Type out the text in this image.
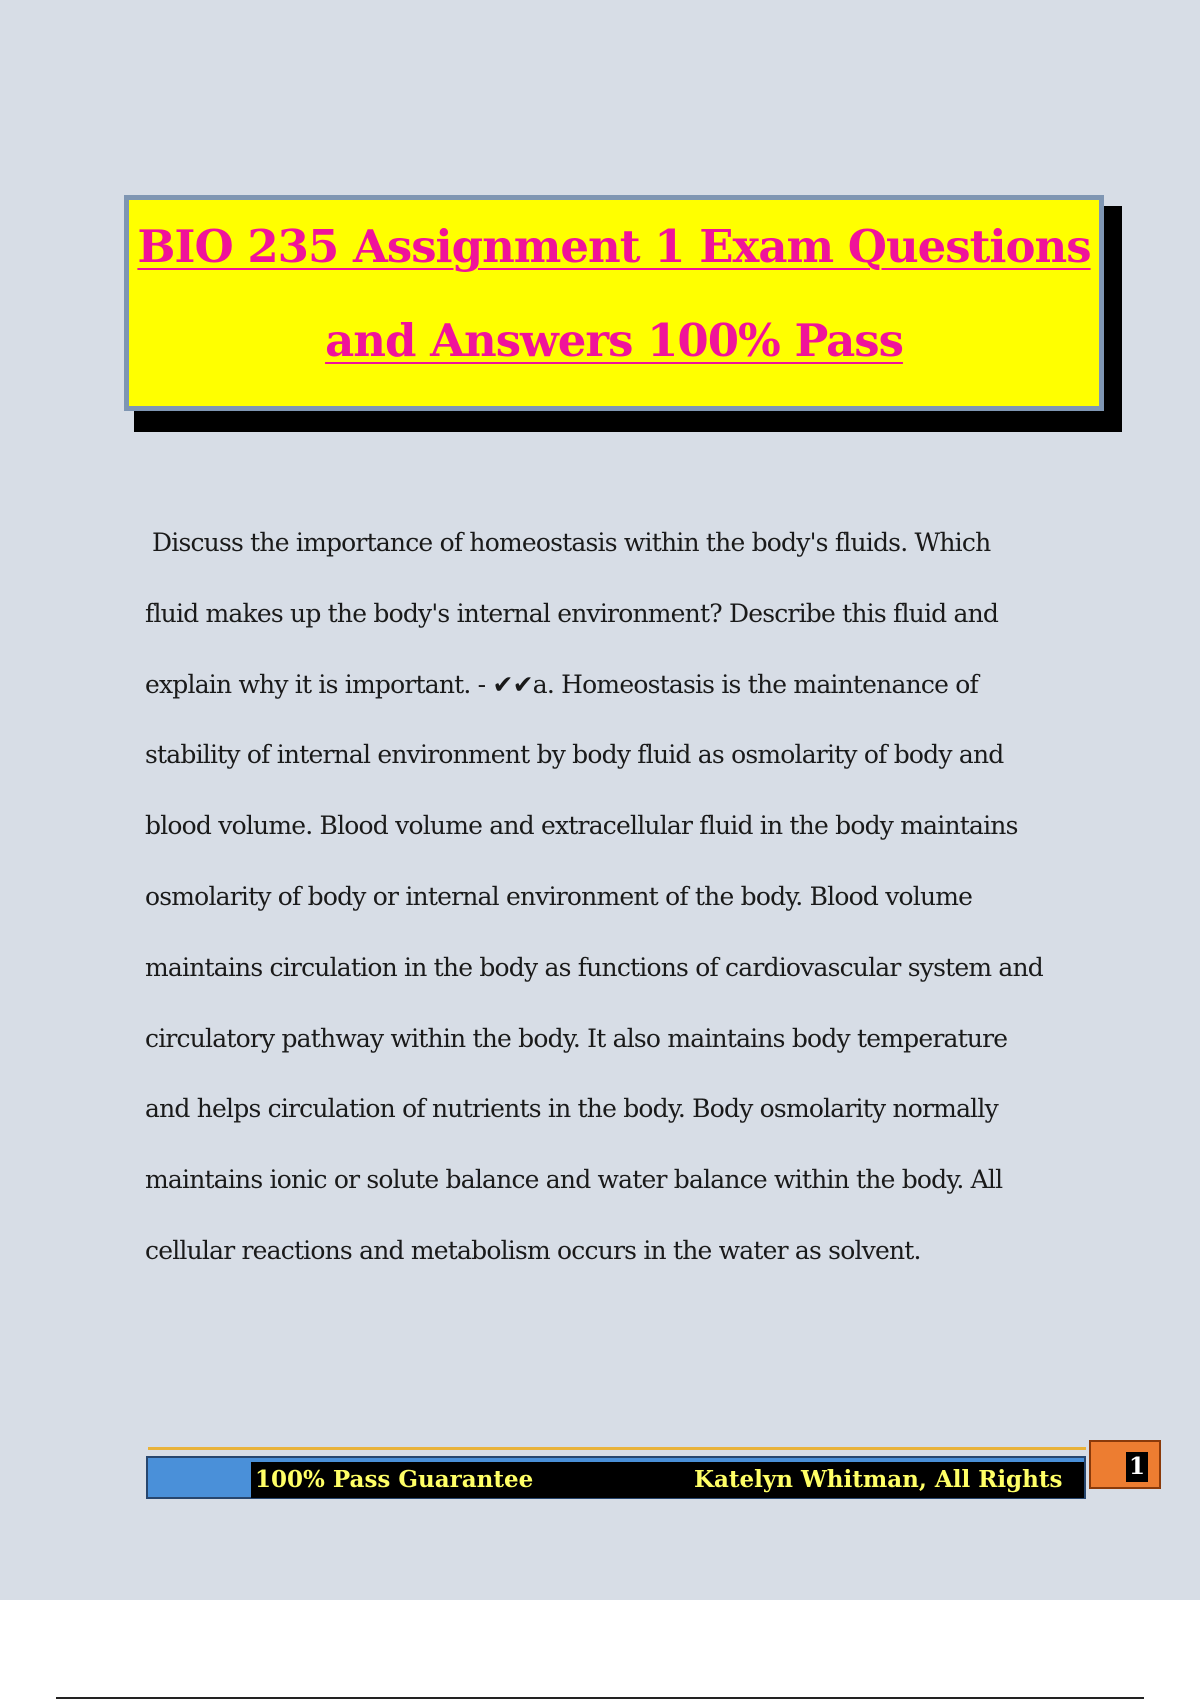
BIO 235 Assignment 1 Exam Questions
and Answers 100% Pass

Discuss the importance of homeostasis within the body's fluids. Which
fluid makes up the body's internal environment? Describe this fluid and
explain why it is important. - ✔✔a. Homeostasis is the maintenance of
stability of internal environment by body fluid as osmolarity of body and
blood volume. Blood volume and extracellular fluid in the body maintains
osmolarity of body or internal environment of the body. Blood volume
maintains circulation in the body as functions of cardiovascular system and
circulatory pathway within the body. It also maintains body temperature
and helps circulation of nutrients in the body. Body osmolarity normally
maintains ionic or solute balance and water balance within the body. All
cellular reactions and metabolism occurs in the water as solvent.

100% Pass Guarantee	Katelyn Whitman, All Rights	1
